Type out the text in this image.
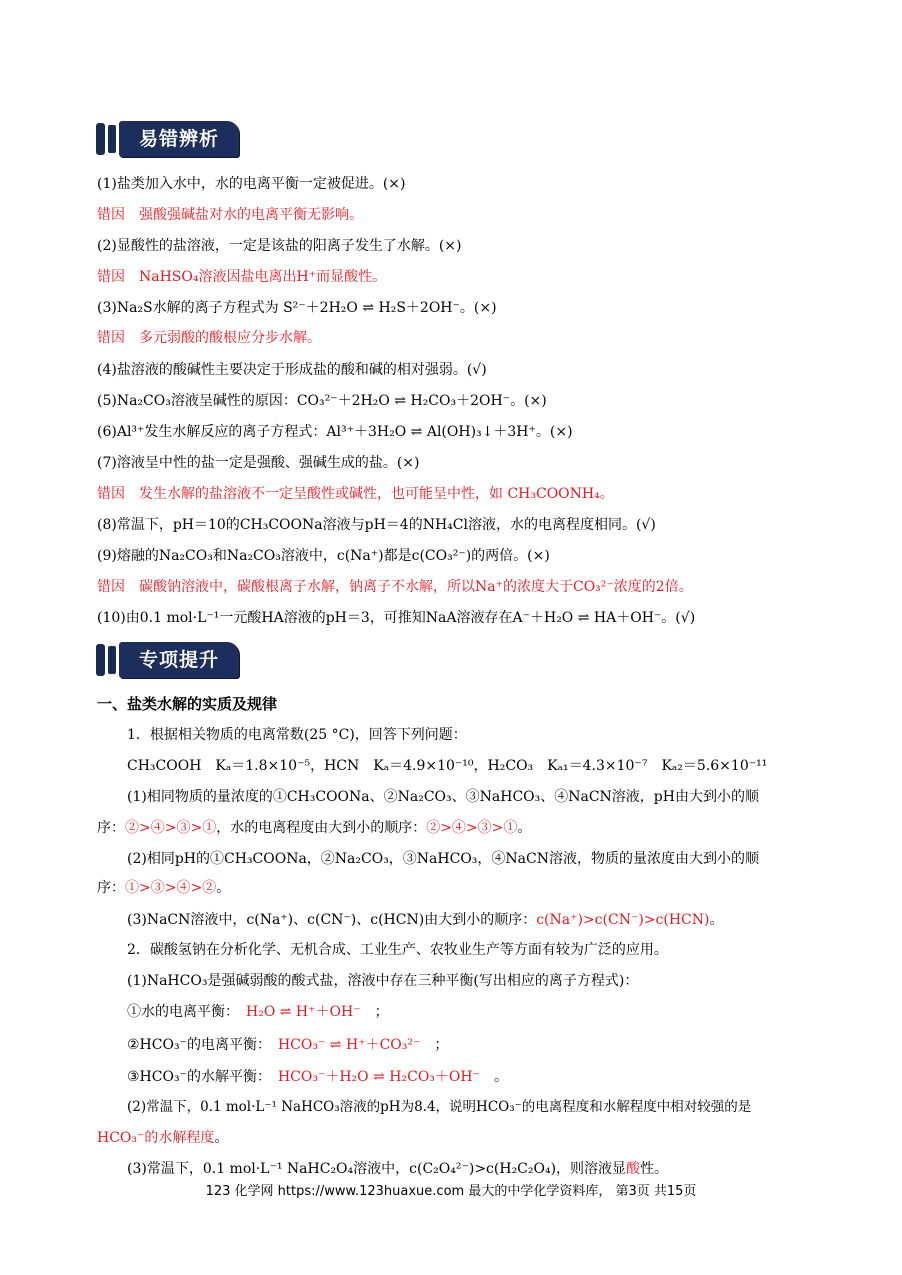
易错辨析
(1)盐类加入水中，水的电离平衡一定被促进。(×)
错因　强酸强碱盐对水的电离平衡无影响。
(2)显酸性的盐溶液，一定是该盐的阳离子发生了水解。(×)
错因　NaHSO₄溶液因盐电离出H⁺而显酸性。
(3)Na₂S水解的离子方程式为 S²⁻＋2H₂O ⇌ H₂S＋2OH⁻。(×)
错因　多元弱酸的酸根应分步水解。
(4)盐溶液的酸碱性主要决定于形成盐的酸和碱的相对强弱。(√)
(5)Na₂CO₃溶液呈碱性的原因：CO₃²⁻＋2H₂O ⇌ H₂CO₃＋2OH⁻。(×)
(6)Al³⁺发生水解反应的离子方程式：Al³⁺＋3H₂O ⇌ Al(OH)₃↓＋3H⁺。(×)
(7)溶液呈中性的盐一定是强酸、强碱生成的盐。(×)
错因　发生水解的盐溶液不一定呈酸性或碱性，也可能呈中性，如 CH₃COONH₄。
(8)常温下，pH＝10的CH₃COONa溶液与pH＝4的NH₄Cl溶液，水的电离程度相同。(√)
(9)熔融的Na₂CO₃和Na₂CO₃溶液中，c(Na⁺)都是c(CO₃²⁻)的两倍。(×)
错因　碳酸钠溶液中，碳酸根离子水解，钠离子不水解，所以Na⁺的浓度大于CO₃²⁻浓度的2倍。
(10)由0.1 mol·L⁻¹一元酸HA溶液的pH＝3，可推知NaA溶液存在A⁻＋H₂O ⇌ HA＋OH⁻。(√)
专项提升
一、盐类水解的实质及规律
1．根据相关物质的电离常数(25 °C)，回答下列问题：
CH₃COOH　Kₐ＝1.8×10⁻⁵，HCN　Kₐ＝4.9×10⁻¹⁰，H₂CO₃　Kₐ₁＝4.3×10⁻⁷　Kₐ₂＝5.6×10⁻¹¹
(1)相同物质的量浓度的①CH₃COONa、②Na₂CO₃、③NaHCO₃、④NaCN溶液，pH由大到小的顺
序：②>④>③>①，水的电离程度由大到小的顺序：②>④>③>①。
(2)相同pH的①CH₃COONa，②Na₂CO₃，③NaHCO₃，④NaCN溶液，物质的量浓度由大到小的顺
序：①>③>④>②。
(3)NaCN溶液中，c(Na⁺)、c(CN⁻)、c(HCN)由大到小的顺序：c(Na⁺)>c(CN⁻)>c(HCN)。
2．碳酸氢钠在分析化学、无机合成、工业生产、农牧业生产等方面有较为广泛的应用。
(1)NaHCO₃是强碱弱酸的酸式盐，溶液中存在三种平衡(写出相应的离子方程式)：
①水的电离平衡：　 H₂O ⇌ H⁺＋OH⁻　 ；
②HCO₃⁻的电离平衡：　 HCO₃⁻ ⇌ H⁺＋CO₃²⁻　 ；
③HCO₃⁻的水解平衡：　 HCO₃⁻＋H₂O ⇌ H₂CO₃＋OH⁻　 。
(2)常温下，0.1 mol·L⁻¹ NaHCO₃溶液的pH为8.4，说明HCO₃⁻的电离程度和水解程度中相对较强的是
HCO₃⁻的水解程度。
(3)常温下，0.1 mol·L⁻¹ NaHC₂O₄溶液中，c(C₂O₄²⁻)>c(H₂C₂O₄)，则溶液显酸性。
123 化学网 https://www.123huaxue.com 最大的中学化学资料库， 第3页 共15页
